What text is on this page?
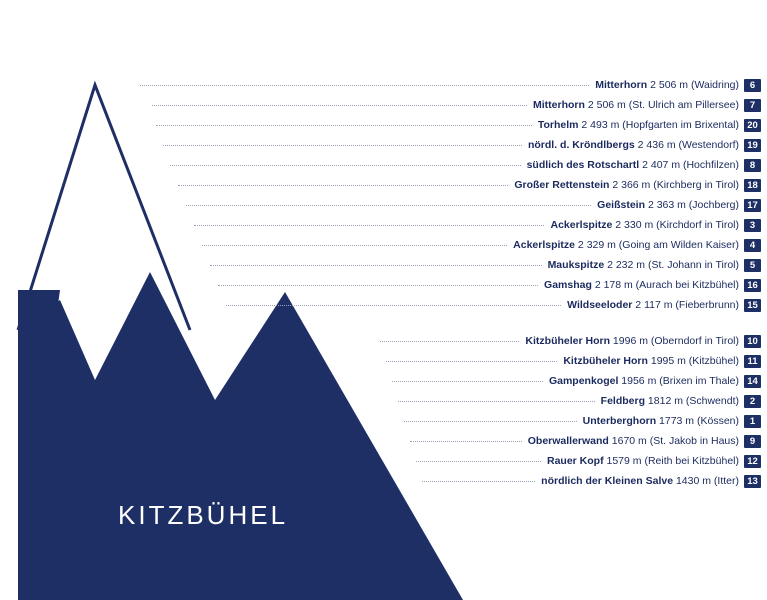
KITZBÜHEL
Mitterhorn 2 506 m (Waidring)	6
Mitterhorn 2 506 m (St. Ulrich am Pillersee)	7
Torhelm 2 493 m (Hopfgarten im Brixental) 20
nördl. d. Kröndlbergs 2 436 m (Westendorf) 19
südlich des Rotschartl 2 407 m (Hochfilzen)	8
Großer Rettenstein 2 366 m (Kirchberg in Tirol) 18
Geißstein 2 363 m (Jochberg) 17
Ackerlspitze 2 330 m (Kirchdorf in Tirol)	3
Ackerlspitze 2 329 m (Going am Wilden Kaiser)	4
Maukspitze 2 232 m (St. Johann in Tirol)	5
Gamshag 2 178 m (Aurach bei Kitzbühel) 16
Wildseeloder 2 117 m (Fieberbrunn) 15
Kitzbüheler Horn 1996 m (Oberndorf in Tirol) 10
Kitzbüheler Horn 1995 m (Kitzbühel) 11
Gampenkogel 1956 m (Brixen im Thale) 14
Feldberg 1812 m (Schwendt)	2
Unterberghorn 1773 m (Kössen)	1
Oberwallerwand 1670 m (St. Jakob in Haus)	9
Rauer Kopf 1579 m (Reith bei Kitzbühel) 12
nördlich der Kleinen Salve 1430 m (Itter) 13
